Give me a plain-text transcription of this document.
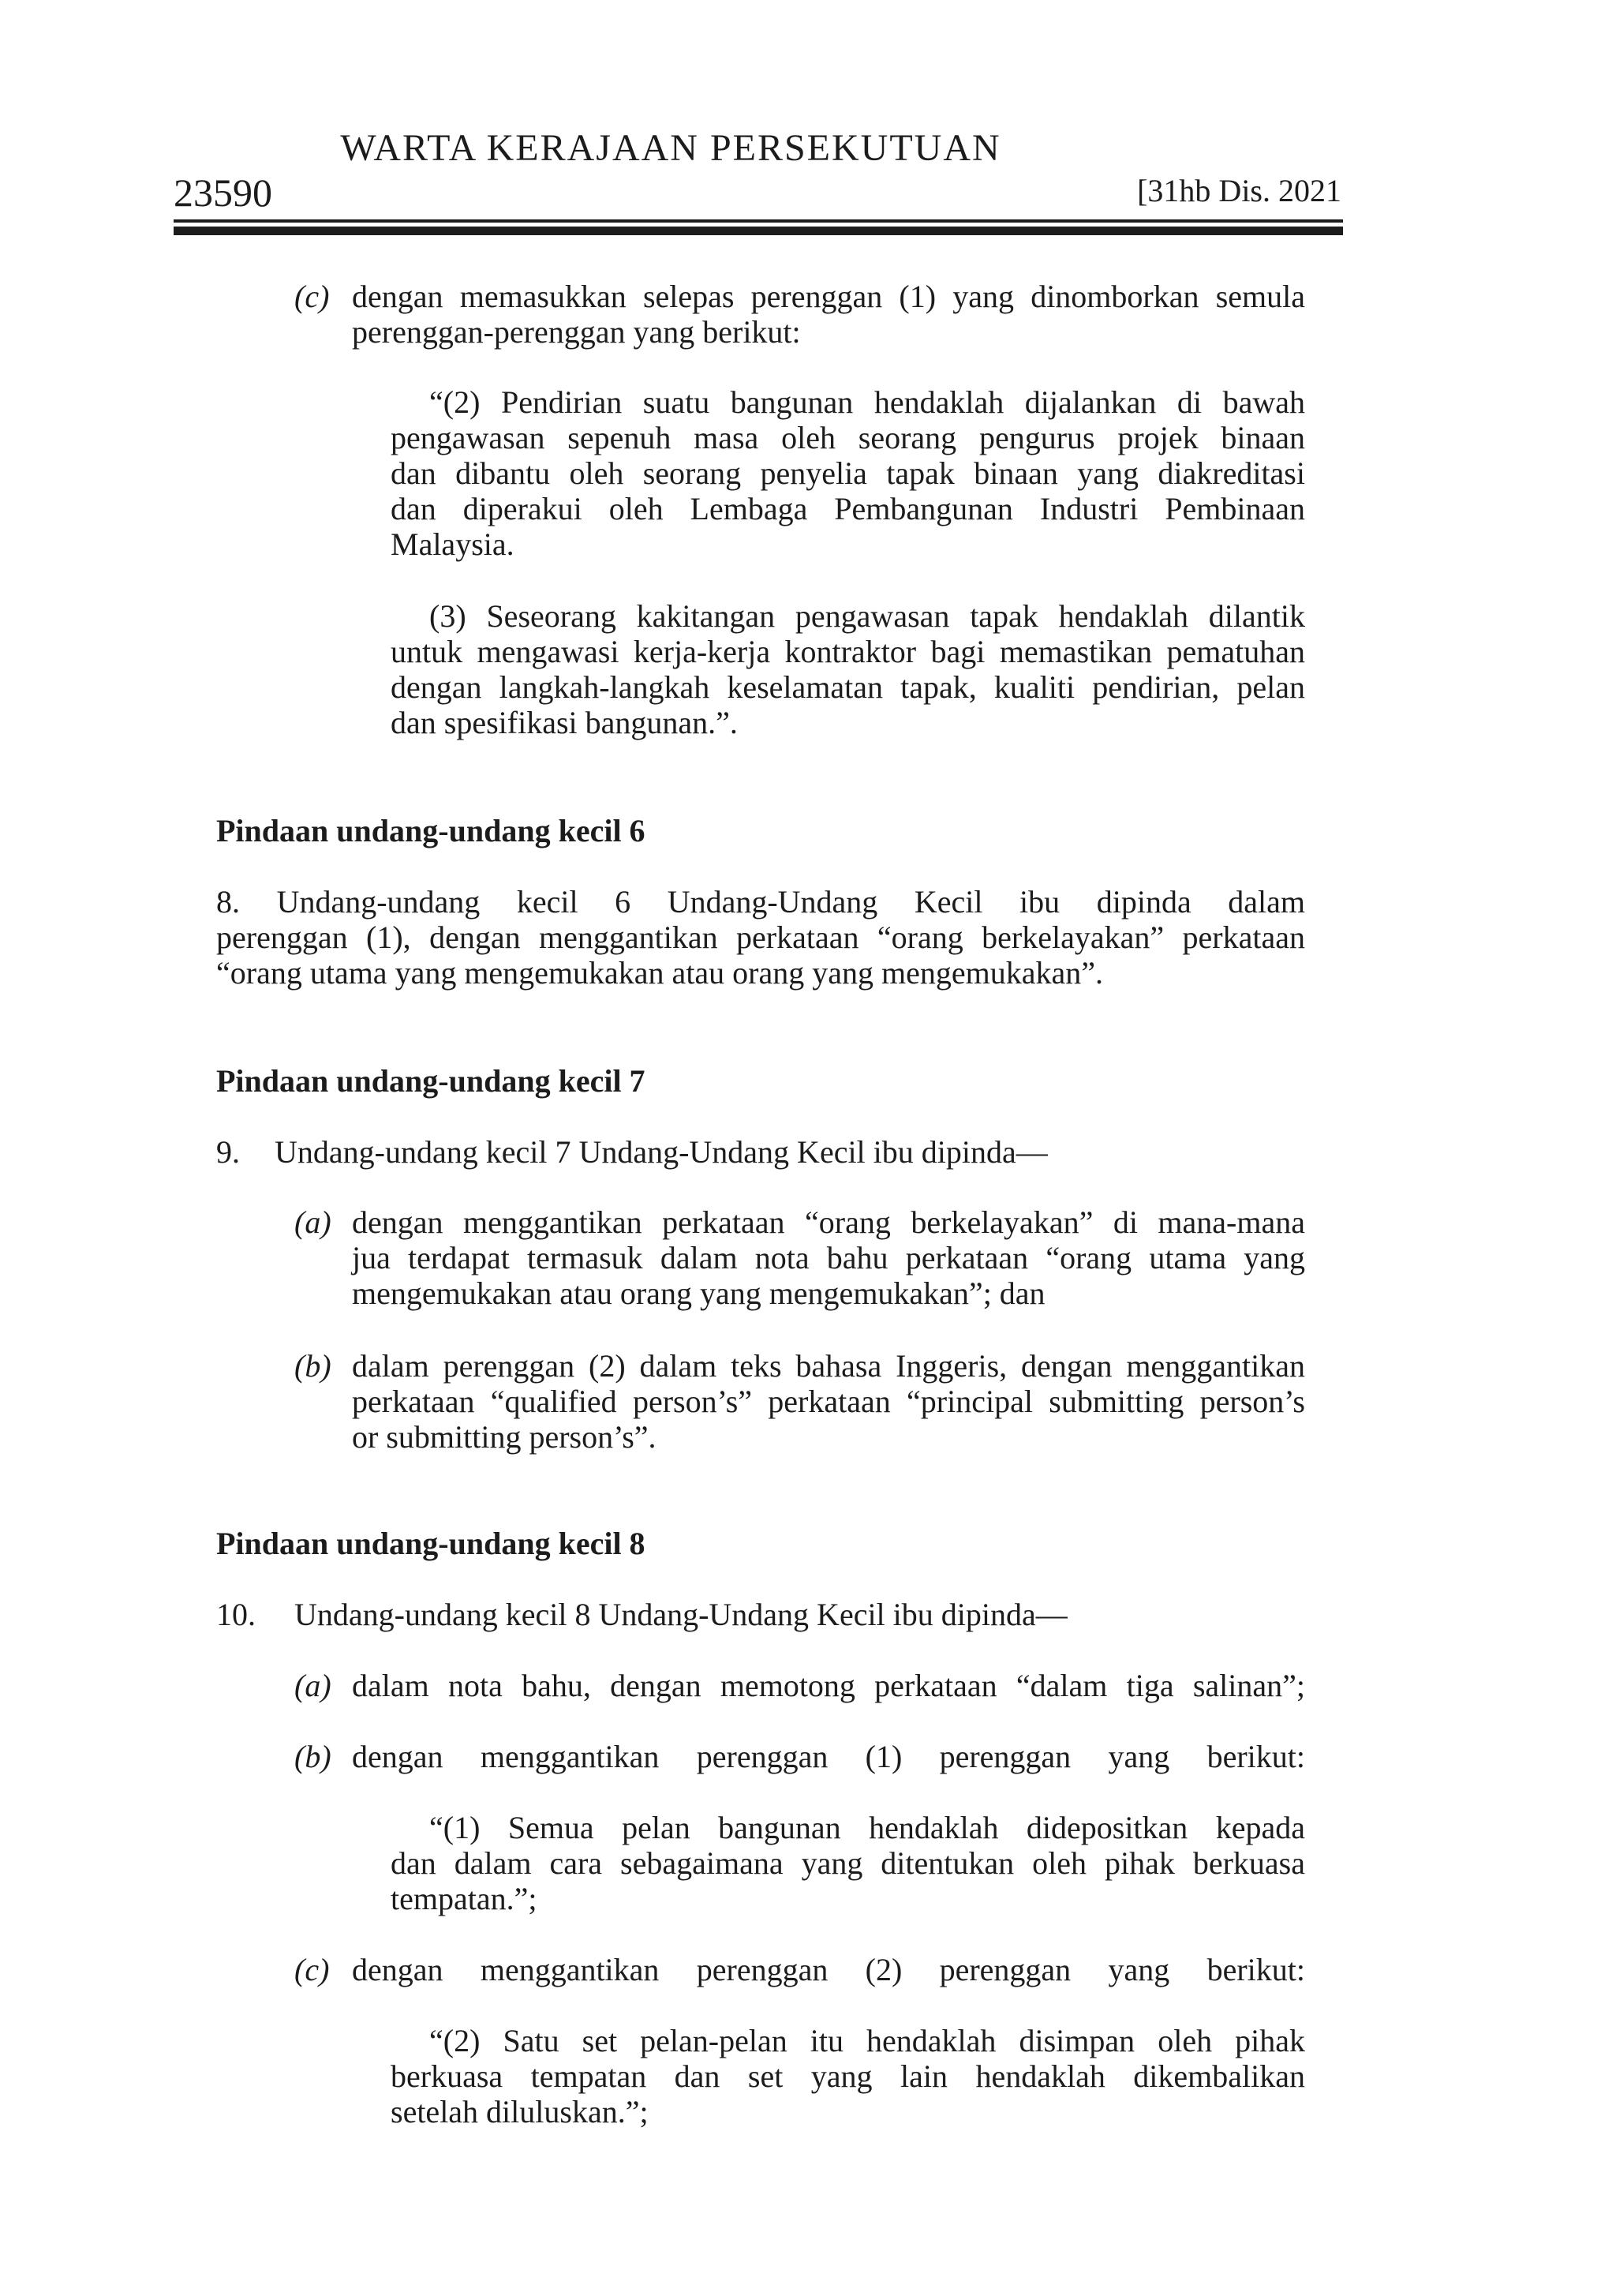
WARTA KERAJAAN PERSEKUTUAN
23590	[31hb Dis. 2021
(c) dengan memasukkan selepas perenggan (1) yang dinomborkan semula
perenggan-perenggan yang berikut:
“(2) Pendirian suatu bangunan hendaklah dijalankan di bawah
pengawasan sepenuh masa oleh seorang pengurus projek binaan
dan dibantu oleh seorang penyelia tapak binaan yang diakreditasi
dan diperakui oleh Lembaga Pembangunan Industri Pembinaan
Malaysia.
(3) Seseorang kakitangan pengawasan tapak hendaklah dilantik
untuk mengawasi kerja-kerja kontraktor bagi memastikan pematuhan
dengan langkah-langkah keselamatan tapak, kualiti pendirian, pelan
dan spesifikasi bangunan.”.
Pindaan undang-undang kecil 6
8. Undang-undang kecil 6 Undang-Undang Kecil ibu dipinda dalam
perenggan (1), dengan menggantikan perkataan “orang berkelayakan” perkataan
“orang utama yang mengemukakan atau orang yang mengemukakan”.
Pindaan undang-undang kecil 7
9. Undang-undang kecil 7 Undang-Undang Kecil ibu dipinda—
(a) dengan menggantikan perkataan “orang berkelayakan” di mana-mana
jua terdapat termasuk dalam nota bahu perkataan “orang utama yang
mengemukakan atau orang yang mengemukakan”; dan
(b) dalam perenggan (2) dalam teks bahasa Inggeris, dengan menggantikan
perkataan “qualified person’s” perkataan “principal submitting person’s
or submitting person’s”.
Pindaan undang-undang kecil 8
10. Undang-undang kecil 8 Undang-Undang Kecil ibu dipinda—
(a) dalam nota bahu, dengan memotong perkataan “dalam tiga salinan”;
(b) dengan menggantikan perenggan (1) perenggan yang berikut:
“(1) Semua pelan bangunan hendaklah didepositkan kepada
dan dalam cara sebagaimana yang ditentukan oleh pihak berkuasa
tempatan.”;
(c) dengan menggantikan perenggan (2) perenggan yang berikut:
“(2) Satu set pelan-pelan itu hendaklah disimpan oleh pihak
berkuasa tempatan dan set yang lain hendaklah dikembalikan
setelah diluluskan.”;
